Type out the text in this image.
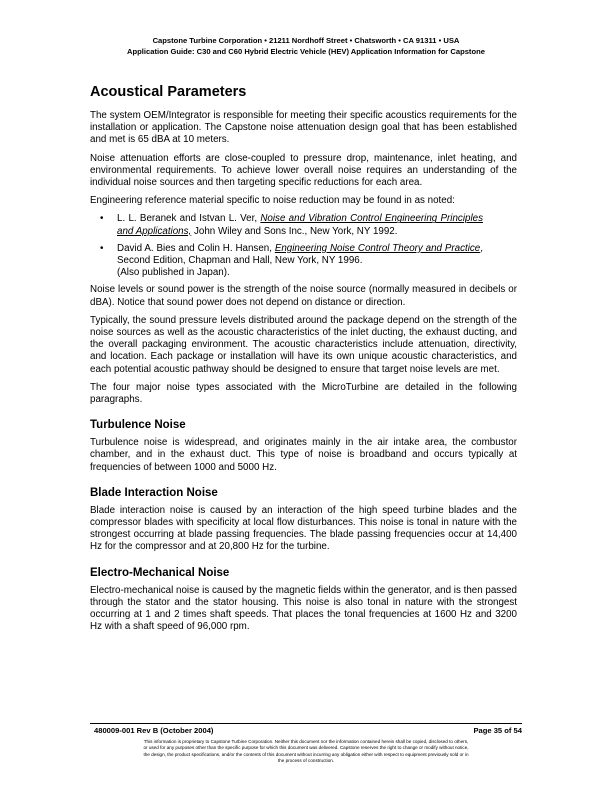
Capstone Turbine Corporation • 21211 Nordhoff Street • Chatsworth • CA 91311 • USA
Application Guide: C30 and C60 Hybrid Electric Vehicle (HEV) Application Information for Capstone
Acoustical Parameters

The system OEM/Integrator is responsible for meeting their specific acoustics requirements for the installation or application. The Capstone noise attenuation design goal that has been established and met is 65 dBA at 10 meters.

Noise attenuation efforts are close-coupled to pressure drop, maintenance, inlet heating, and environmental requirements. To achieve lower overall noise requires an understanding of the individual noise sources and then targeting specific reductions for each area.

Engineering reference material specific to noise reduction may be found in as noted:

• L. L. Beranek and Istvan L. Ver, Noise and Vibration Control Engineering Principles and Applications, John Wiley and Sons Inc., New York, NY 1992.
• David A. Bies and Colin H. Hansen, Engineering Noise Control Theory and Practice, Second Edition, Chapman and Hall, New York, NY 1996.
(Also published in Japan).

Noise levels or sound power is the strength of the noise source (normally measured in decibels or dBA). Notice that sound power does not depend on distance or direction.

Typically, the sound pressure levels distributed around the package depend on the strength of the noise sources as well as the acoustic characteristics of the inlet ducting, the exhaust ducting, and the overall packaging environment. The acoustic characteristics include attenuation, directivity, and location. Each package or installation will have its own unique acoustic characteristics, and each potential acoustic pathway should be designed to ensure that target noise levels are met.

The four major noise types associated with the MicroTurbine are detailed in the following paragraphs.

Turbulence Noise

Turbulence noise is widespread, and originates mainly in the air intake area, the combustor chamber, and in the exhaust duct. This type of noise is broadband and occurs typically at frequencies of between 1000 and 5000 Hz.

Blade Interaction Noise

Blade interaction noise is caused by an interaction of the high speed turbine blades and the compressor blades with specificity at local flow disturbances. This noise is tonal in nature with the strongest occurring at blade passing frequencies. The blade passing frequencies occur at 14,400 Hz for the compressor and at 20,800 Hz for the turbine.

Electro-Mechanical Noise

Electro-mechanical noise is caused by the magnetic fields within the generator, and is then passed through the stator and the stator housing. This noise is also tonal in nature with the strongest occurring at 1 and 2 times shaft speeds. That places the tonal frequencies at 1600 Hz and 3200 Hz with a shaft speed of 96,000 rpm.

480009-001 Rev B (October 2004)	Page 35 of 54
This information is proprietary to Capstone Turbine Corporation. Neither this document nor the information contained herein shall be copied, disclosed to others,
or used for any purposes other than the specific purpose for which this document was delivered. Capstone reserves the right to change or modify without notice,
the design, the product specifications, and/or the contents of this document without incurring any obligation either with respect to equipment previously sold or in
the process of construction.
